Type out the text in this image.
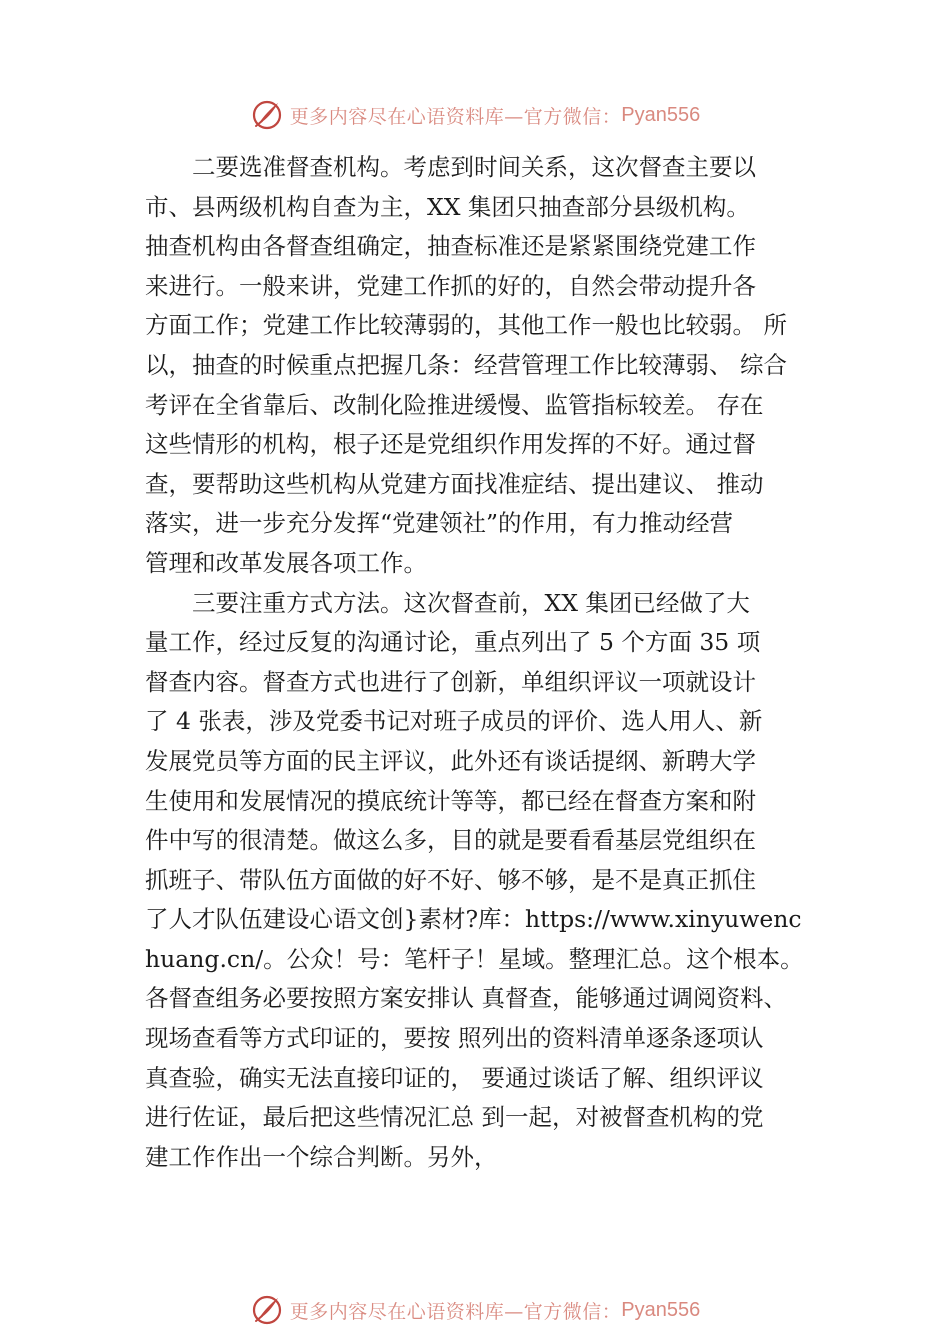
更多内容尽在心语资料库—官方微信： Pyan556
　　二要选准督查机构。考虑到时间关系，这次督查主要以
市、县两级机构自查为主，XX 集团只抽查部分县级机构。
抽查机构由各督查组确定，抽查标准还是紧紧围绕党建工作
来进行。一般来讲，党建工作抓的好的，自然会带动提升各
方面工作；党建工作比较薄弱的，其他工作一般也比较弱。 所
以，抽查的时候重点把握几条：经营管理工作比较薄弱、 综合
考评在全省靠后、改制化险推进缓慢、监管指标较差。 存在
这些情形的机构，根子还是党组织作用发挥的不好。通过督
查，要帮助这些机构从党建方面找准症结、提出建议、 推动
落实，进一步充分发挥“党建领社”的作用，有力推动经营
管理和改革发展各项工作。
　　三要注重方式方法。这次督查前，XX 集团已经做了大
量工作，经过反复的沟通讨论，重点列出了 5 个方面 35 项
督查内容。督查方式也进行了创新，单组织评议一项就设计
了 4 张表，涉及党委书记对班子成员的评价、选人用人、新
发展党员等方面的民主评议，此外还有谈话提纲、新聘大学
生使用和发展情况的摸底统计等等，都已经在督查方案和附
件中写的很清楚。做这么多，目的就是要看看基层党组织在
抓班子、带队伍方面做的好不好、够不够，是不是真正抓住
了人才队伍建设心语文创}素材?库：https://www.xinyuwenc
huang.cn/。公众！号：笔杆子！星域。整理汇总。这个根本。
各督查组务必要按照方案安排认 真督查，能够通过调阅资料、
现场查看等方式印证的，要按 照列出的资料清单逐条逐项认
真查验，确实无法直接印证的， 要通过谈话了解、组织评议
进行佐证，最后把这些情况汇总 到一起，对被督查机构的党
建工作作出一个综合判断。另外，
更多内容尽在心语资料库—官方微信： Pyan556
